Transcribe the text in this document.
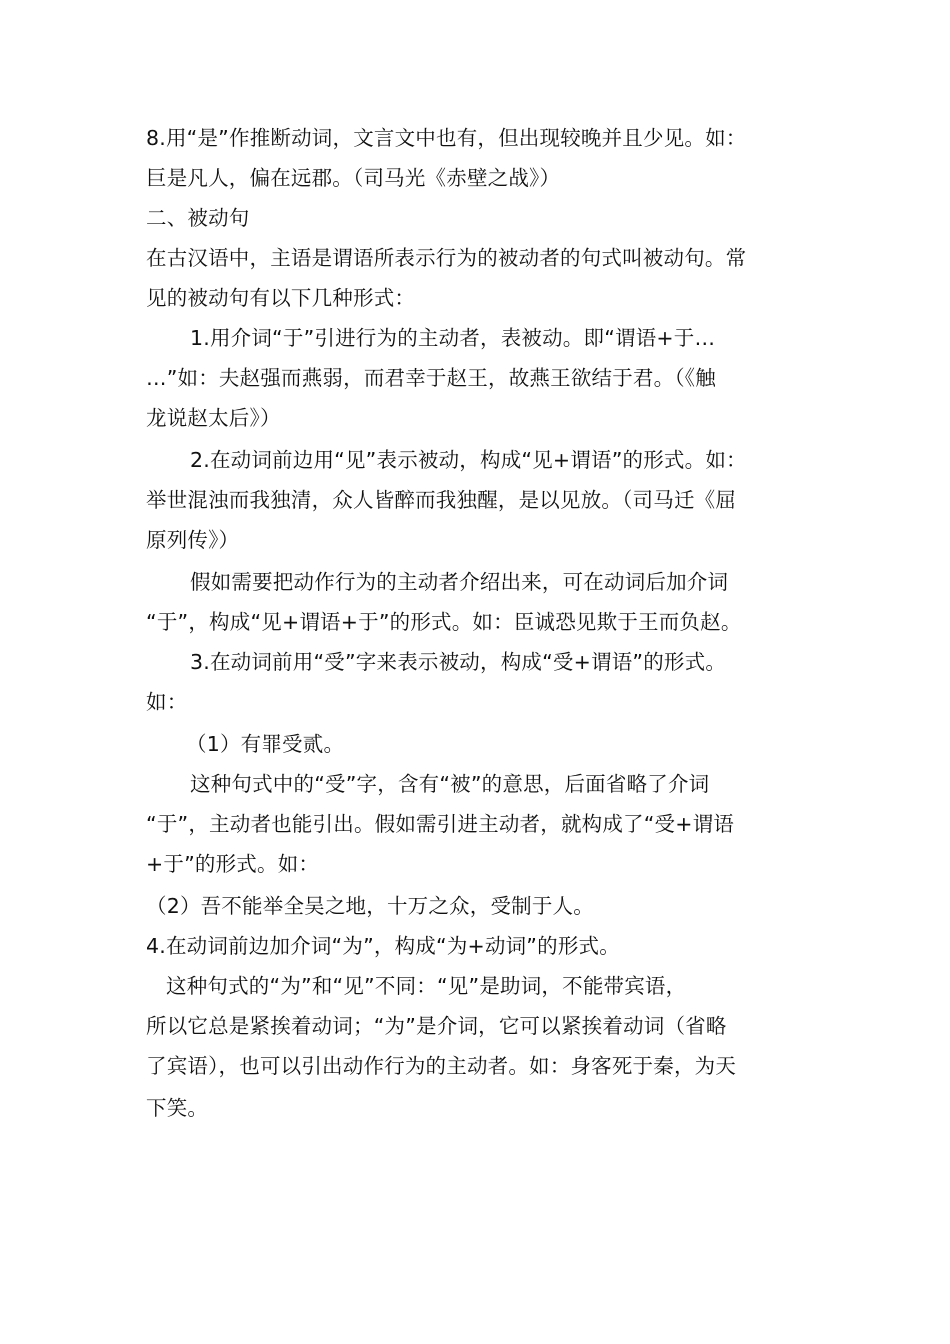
8.用“是”作推断动词，文言文中也有，但出现较晚并且少见。如：
巨是凡人，偏在远郡。（司马光《赤壁之战》）
二、被动句
在古汉语中，主语是谓语所表示行为的被动者的句式叫被动句。常
见的被动句有以下几种形式：
1.用介词“于”引进行为的主动者，表被动。即“谓语+于…
…”如：夫赵强而燕弱，而君幸于赵王，故燕王欲结于君。（《触
龙说赵太后》）
2.在动词前边用“见”表示被动，构成“见+谓语”的形式。如：
举世混浊而我独清，众人皆醉而我独醒，是以见放。（司马迁《屈
原列传》）
假如需要把动作行为的主动者介绍出来，可在动词后加介词
“于”，构成“见+谓语+于”的形式。如：臣诚恐见欺于王而负赵。
3.在动词前用“受”字来表示被动，构成“受+谓语”的形式。
如：
（1）有罪受贰。
这种句式中的“受”字，含有“被”的意思，后面省略了介词
“于”，主动者也能引出。假如需引进主动者，就构成了“受+谓语
+于”的形式。如：
（2）吾不能举全吴之地，十万之众，受制于人。
4.在动词前边加介词“为”，构成“为+动词”的形式。
这种句式的“为”和“见”不同：“见”是助词，不能带宾语，
所以它总是紧挨着动词；“为”是介词，它可以紧挨着动词（省略
了宾语），也可以引出动作行为的主动者。如：身客死于秦，为天
下笑。
